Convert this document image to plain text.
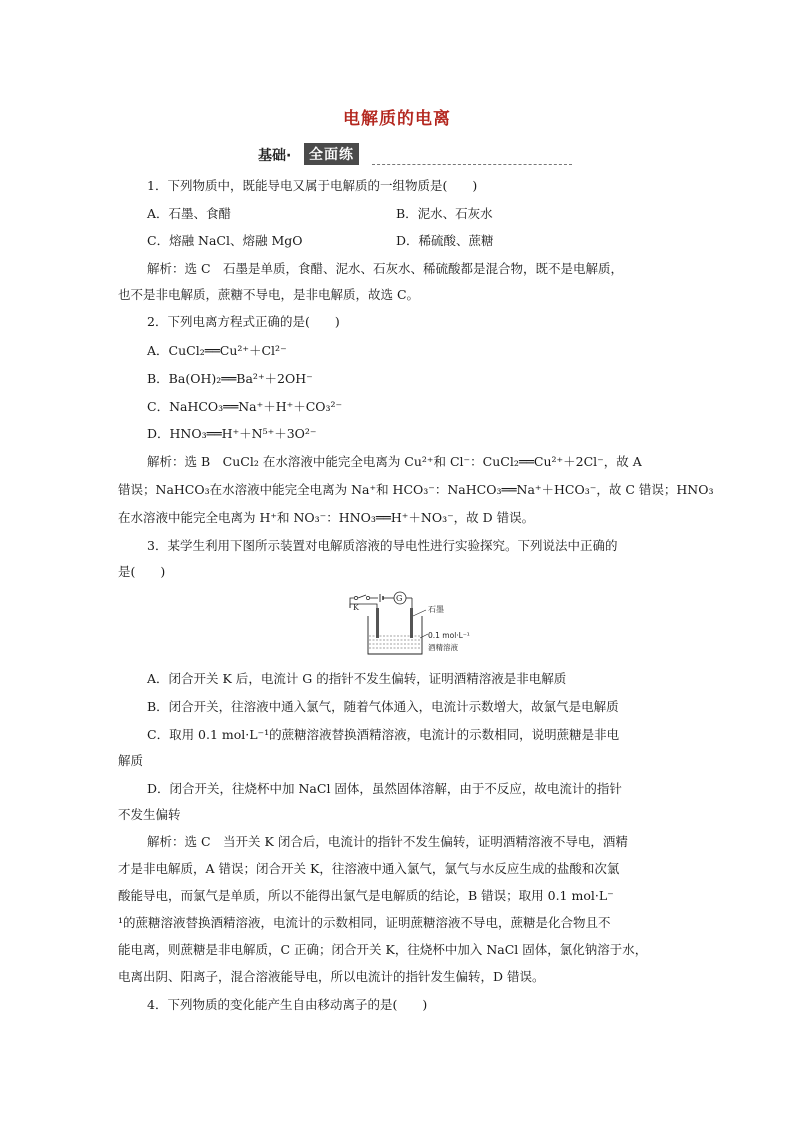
电解质的电离
基础·	全面练
1．下列物质中，既能导电又属于电解质的一组物质是(　　)
A．石墨、食醋	B．泥水、石灰水
C．熔融 NaCl、熔融 MgO	D．稀硫酸、蔗糖
解析：选 C　石墨是单质，食醋、泥水、石灰水、稀硫酸都是混合物，既不是电解质，
也不是非电解质，蔗糖不导电，是非电解质，故选 C。
2．下列电离方程式正确的是(　　)
A．CuCl₂══Cu²⁺＋Cl²⁻
B．Ba(OH)₂══Ba²⁺＋2OH⁻
C．NaHCO₃══Na⁺＋H⁺＋CO₃²⁻
D．HNO₃══H⁺＋N⁵⁺＋3O²⁻
解析：选 B　CuCl₂ 在水溶液中能完全电离为 Cu²⁺和 Cl⁻：CuCl₂══Cu²⁺＋2Cl⁻，故 A
错误；NaHCO₃在水溶液中能完全电离为 Na⁺和 HCO₃⁻：NaHCO₃══Na⁺＋HCO₃⁻，故 C 错误；HNO₃
在水溶液中能完全电离为 H⁺和 NO₃⁻：HNO₃══H⁺＋NO₃⁻，故 D 错误。
3．某学生利用下图所示装置对电解质溶液的导电性进行实验探究。下列说法中正确的
是(　　)
K
G
石墨
0.1 mol·L⁻¹
酒精溶液
A．闭合开关 K 后，电流计 G 的指针不发生偏转，证明酒精溶液是非电解质
B．闭合开关，往溶液中通入氯气，随着气体通入，电流计示数增大，故氯气是电解质
C．取用 0.1 mol·L⁻¹的蔗糖溶液替换酒精溶液，电流计的示数相同，说明蔗糖是非电
解质
D．闭合开关，往烧杯中加 NaCl 固体，虽然固体溶解，由于不反应，故电流计的指针
不发生偏转
解析：选 C　当开关 K 闭合后，电流计的指针不发生偏转，证明酒精溶液不导电，酒精
才是非电解质，A 错误；闭合开关 K，往溶液中通入氯气，氯气与水反应生成的盐酸和次氯
酸能导电，而氯气是单质，所以不能得出氯气是电解质的结论，B 错误；取用 0.1 mol·L⁻
¹的蔗糖溶液替换酒精溶液，电流计的示数相同，证明蔗糖溶液不导电，蔗糖是化合物且不
能电离，则蔗糖是非电解质，C 正确；闭合开关 K，往烧杯中加入 NaCl 固体，氯化钠溶于水，
电离出阴、阳离子，混合溶液能导电，所以电流计的指针发生偏转，D 错误。
4．下列物质的变化能产生自由移动离子的是(　　)
